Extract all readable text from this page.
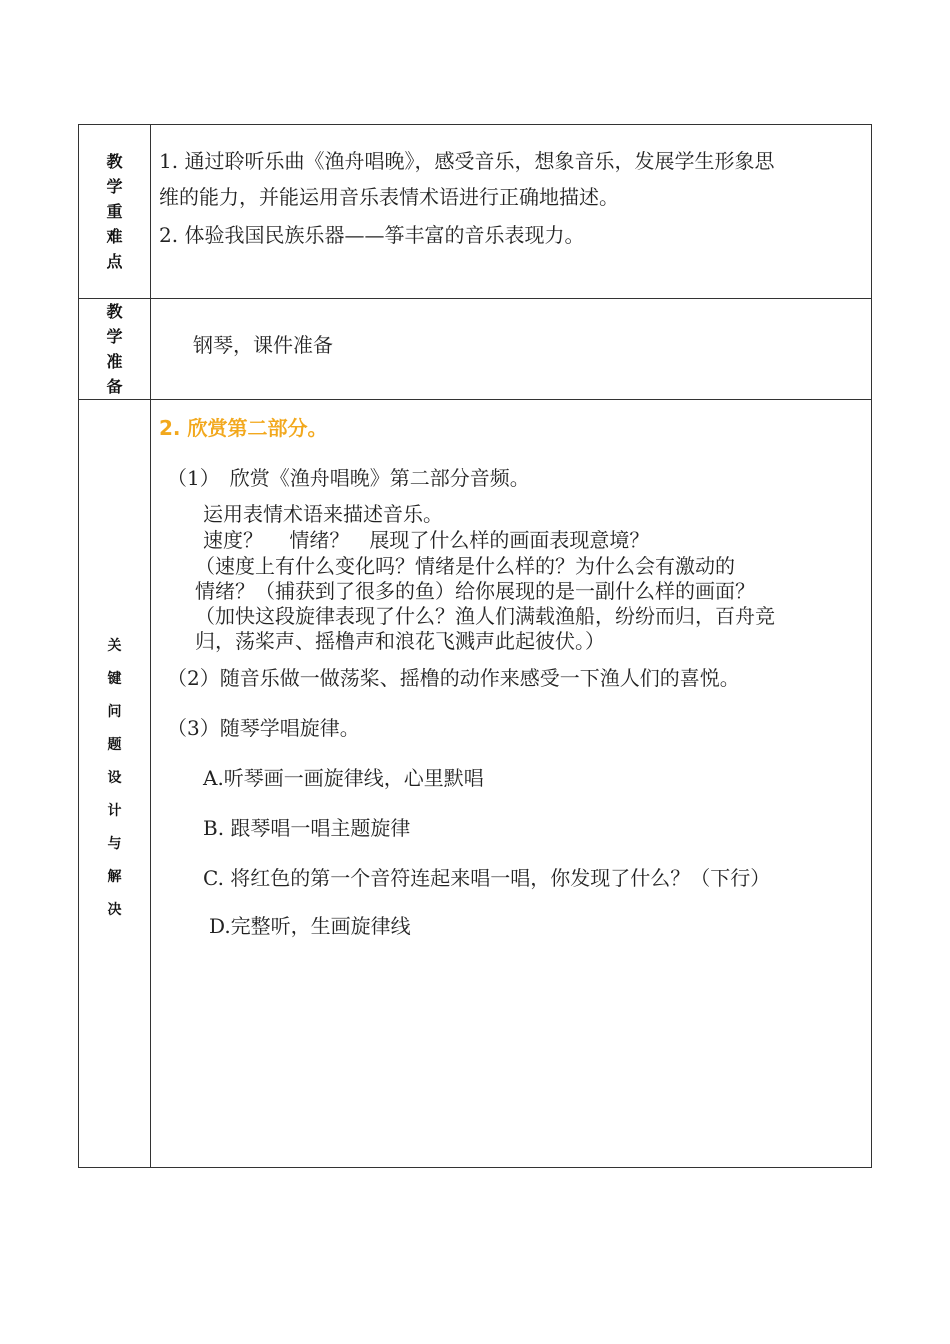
教
学
重
难
点
1. 通过聆听乐曲《渔舟唱晚》，感受音乐，想象音乐，发展学生形象思
维的能力，并能运用音乐表情术语进行正确地描述。
2. 体验我国民族乐器——筝丰富的音乐表现力。
教
学
准
备
钢琴，课件准备
关
键
问
题
设
计
与
解
决
2. 欣赏第二部分。
（1）　欣赏《渔舟唱晚》第二部分音频。
运用表情术语来描述音乐。
速度？　 情绪？　展现了什么样的画面表现意境？
（速度上有什么变化吗？情绪是什么样的？为什么会有激动的
情绪？（捕获到了很多的鱼）给你展现的是一副什么样的画面？
（加快这段旋律表现了什么？渔人们满载渔船，纷纷而归，百舟竞
归，荡桨声、摇橹声和浪花飞溅声此起彼伏。）
（2）随音乐做一做荡桨、摇橹的动作来感受一下渔人们的喜悦。
（3）随琴学唱旋律。
A.听琴画一画旋律线，心里默唱
B. 跟琴唱一唱主题旋律
C. 将红色的第一个音符连起来唱一唱，你发现了什么？（下行）
D.完整听，生画旋律线
